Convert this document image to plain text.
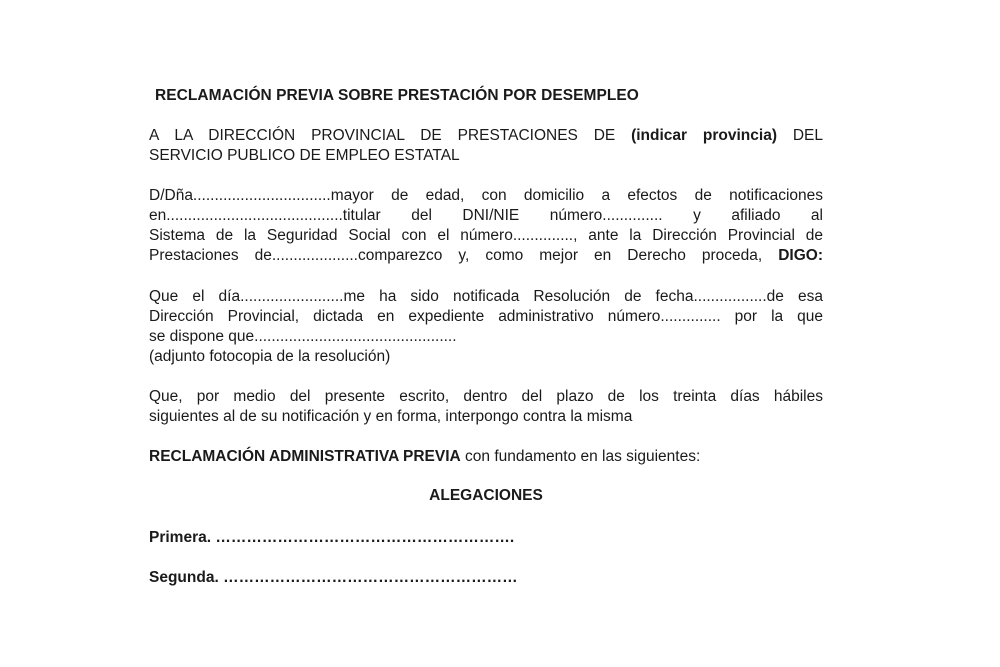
RECLAMACIÓN PREVIA SOBRE PRESTACIÓN POR DESEMPLEO
A LA DIRECCIÓN PROVINCIAL DE PRESTACIONES DE (indicar provincia) DEL
SERVICIO PUBLICO DE EMPLEO ESTATAL
D/Dña................................mayor de edad, con domicilio a efectos de notificaciones
en.........................................titular del DNI/NIE número.............. y afiliado al
Sistema de la Seguridad Social con el número.............., ante la Dirección Provincial de
Prestaciones de....................comparezco y, como mejor en Derecho proceda, DIGO:
Que el día........................me ha sido notificada Resolución de fecha.................de esa
Dirección Provincial, dictada en expediente administrativo número.............. por la que
se dispone que...............................................
(adjunto fotocopia de la resolución)
Que, por medio del presente escrito, dentro del plazo de los treinta días hábiles
siguientes al de su notificación y en forma, interpongo contra la misma
RECLAMACIÓN ADMINISTRATIVA PREVIA con fundamento en las siguientes:
ALEGACIONES
Primera. ………………………………………………….
Segunda. …………………………………………………
